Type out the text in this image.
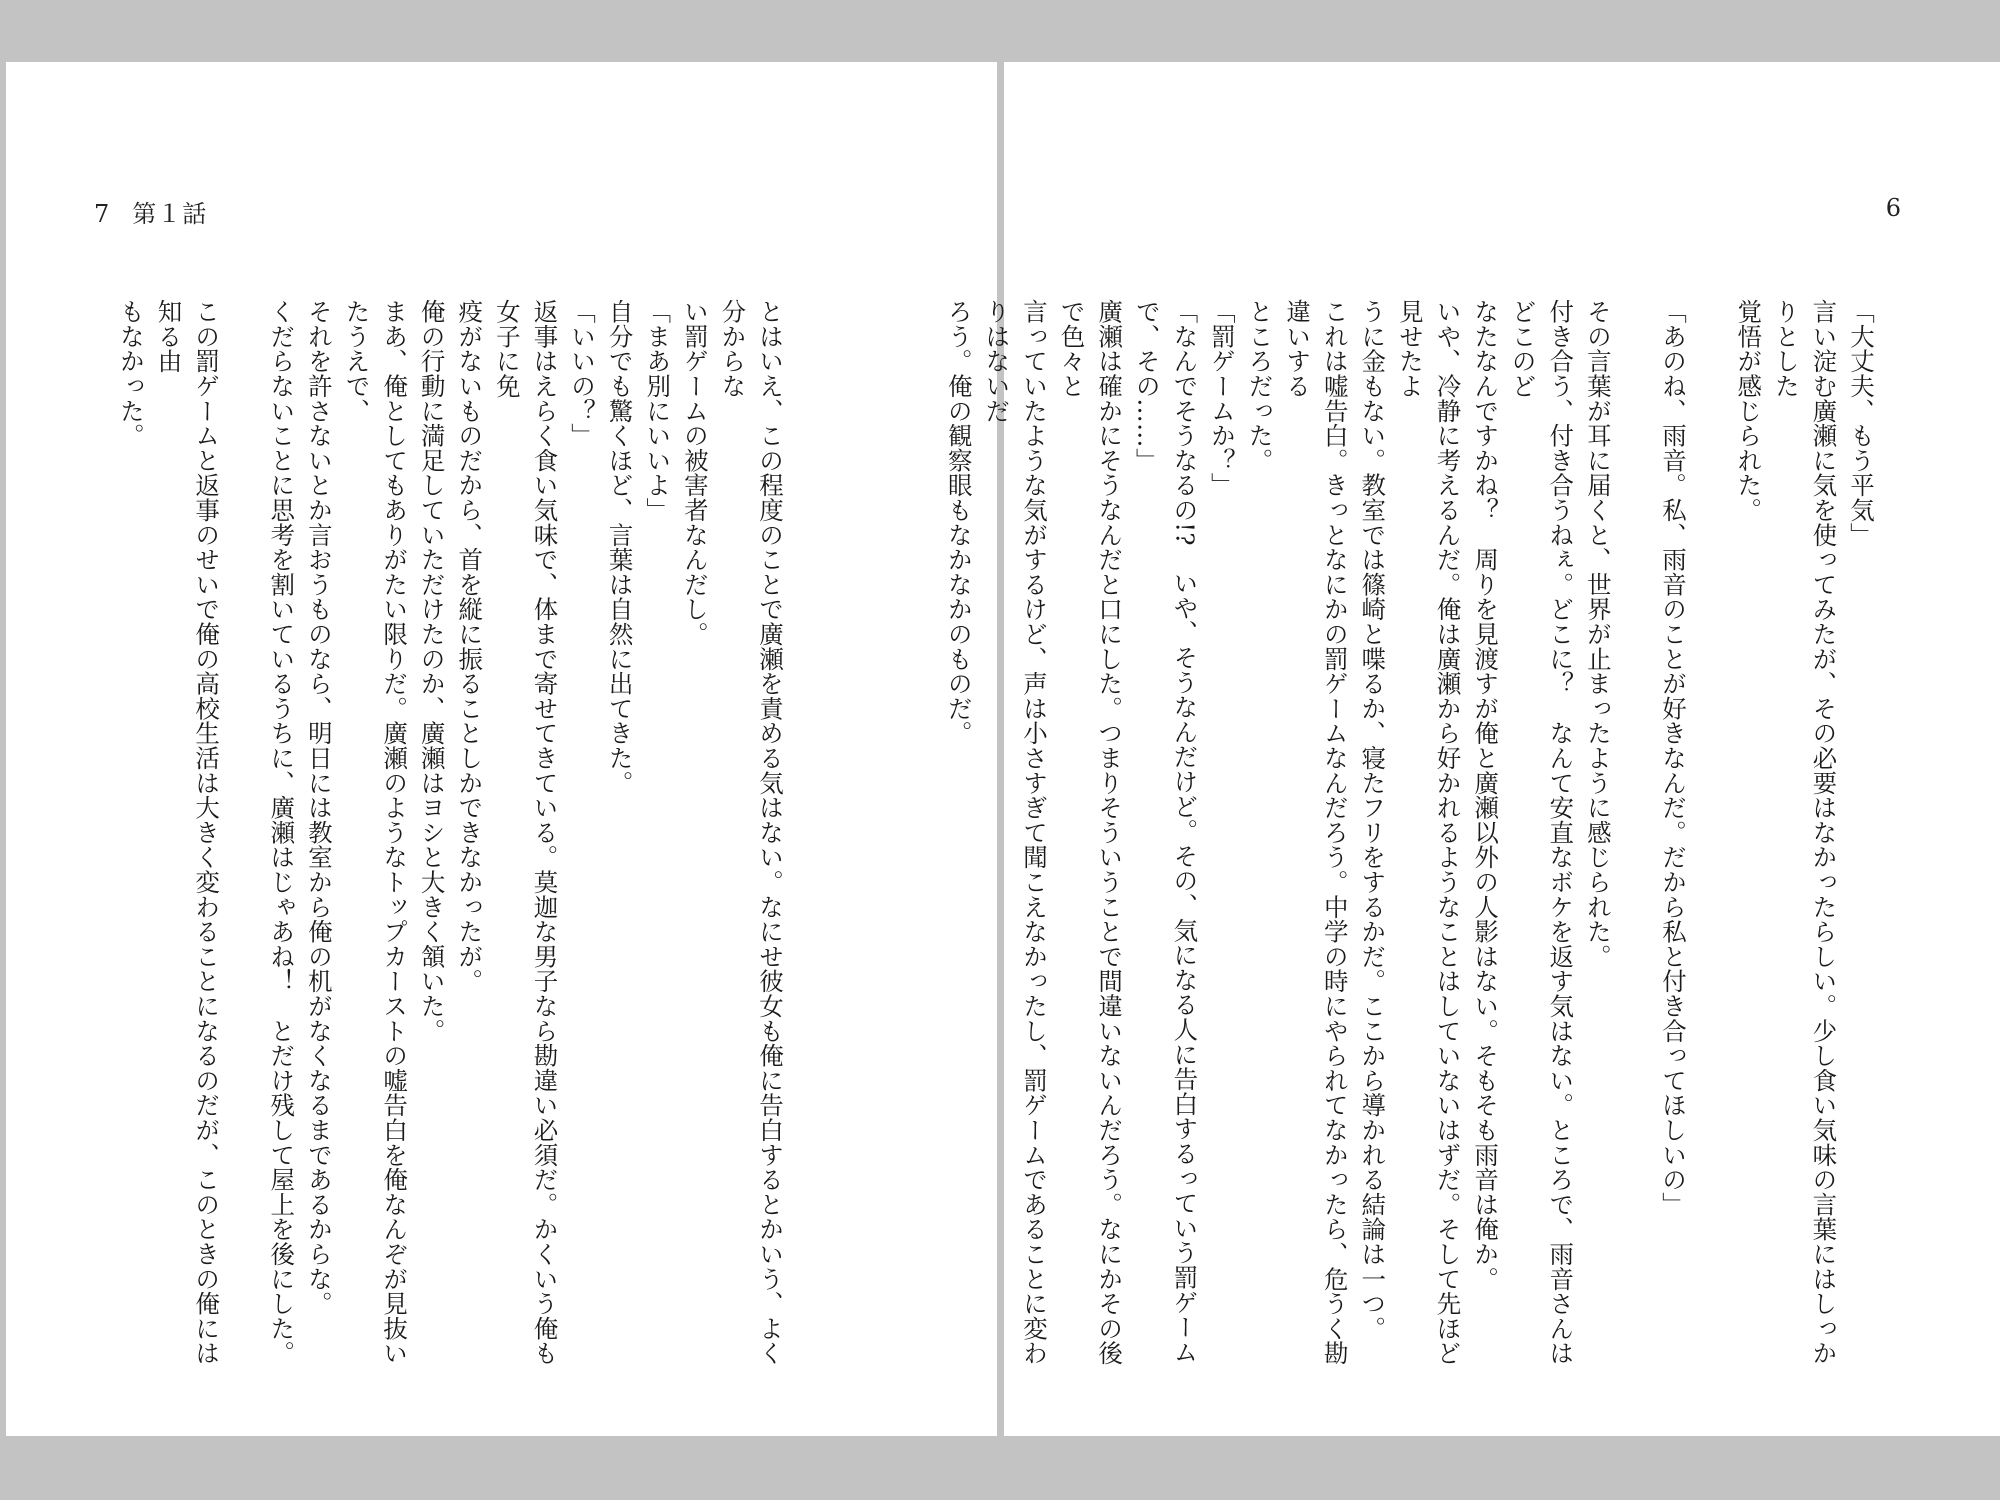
7 第１話
とはいえ、この程度のことで廣瀬を責める気はない。なにせ彼女も俺に告白するとかいう、よく分からな
い罰ゲームの被害者なんだし。
「まあ別にいいよ」
自分でも驚くほど、言葉は自然に出てきた。
「いいの？」
返事はえらく食い気味で、体まで寄せてきている。莫迦な男子なら勘違い必須だ。かくいう俺も女子に免
疫がないものだから、首を縦に振ることしかできなかったが。
俺の行動に満足していただけたのか、廣瀬はヨシと大きく頷いた。
まあ、俺としてもありがたい限りだ。廣瀬のようなトップカーストの嘘告白を俺なんぞが見抜いたうえで、
それを許さないとか言おうものなら、明日には教室から俺の机がなくなるまであるからな。
くだらないことに思考を割いているうちに、廣瀬はじゃあね！　とだけ残して屋上を後にした。

この罰ゲームと返事のせいで俺の高校生活は大きく変わることになるのだが、このときの俺には知る由
もなかった。
6
「大丈夫、もう平気」
言い淀む廣瀬に気を使ってみたが、その必要はなかったらしい。少し食い気味の言葉にはしっかりとした
覚悟が感じられた。

「あのね、雨音。私、雨音のことが好きなんだ。だから私と付き合ってほしいの」

その言葉が耳に届くと、世界が止まったように感じられた。
付き合う、付き合うねぇ。どこに？　なんて安直なボケを返す気はない。ところで、雨音さんはどこのど
なたなんですかね？　周りを見渡すが俺と廣瀬以外の人影はない。そもそも雨音は俺か。
いや、冷静に考えるんだ。俺は廣瀬から好かれるようなことはしていないはずだ。そして先ほど見せたよ
うに金もない。教室では篠崎と喋るか、寝たフリをするかだ。ここから導かれる結論は一つ。
これは嘘告白。きっとなにかの罰ゲームなんだろう。中学の時にやられてなかったら、危うく勘違いする
ところだった。
「罰ゲームか？」
「なんでそうなるの!?　いや、そうなんだけど。その、気になる人に告白するっていう罰ゲームで、その……」
廣瀬は確かにそうなんだと口にした。つまりそういうことで間違いないんだろう。なにかその後で色々と
言っていたような気がするけど、声は小さすぎて聞こえなかったし、罰ゲームであることに変わりはないだ
ろう。俺の観察眼もなかなかのものだ。
